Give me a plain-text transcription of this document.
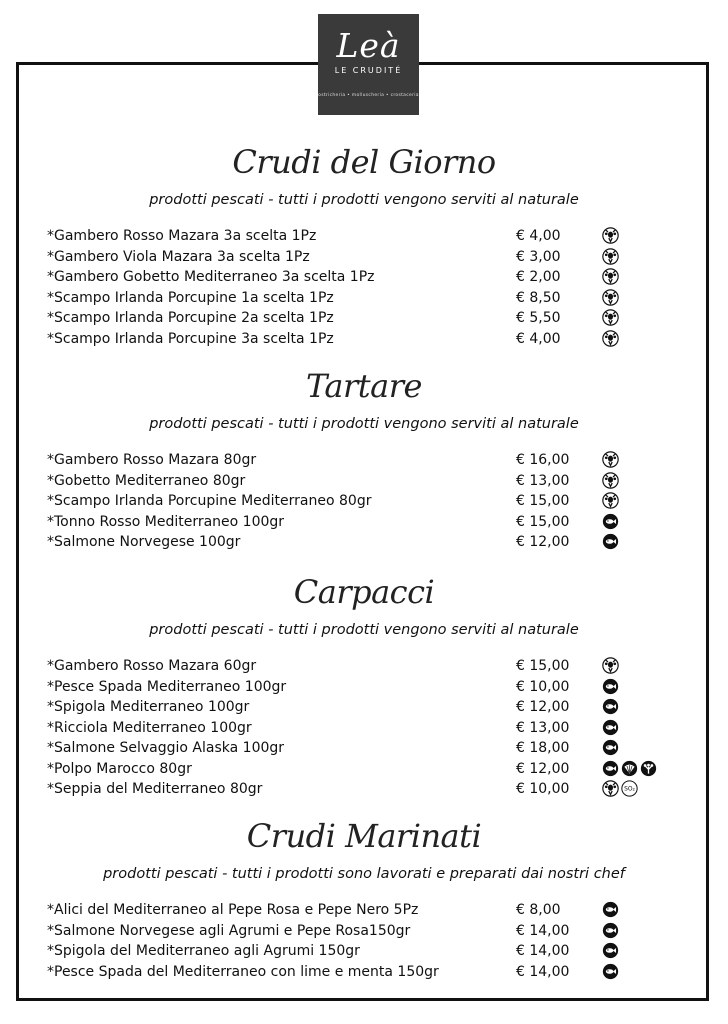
Leà
LE CRUDITÉ
ostricheria • molluscheria • crostaceria
Crudi del Giorno
prodotti pescati - tutti i prodotti vengono serviti al naturale
*Gambero Rosso Mazara 3a scelta 1Pz	€ 4,00
*Gambero Viola Mazara 3a scelta 1Pz	€ 3,00
*Gambero Gobetto Mediterraneo 3a scelta 1Pz	€ 2,00
*Scampo Irlanda Porcupine 1a scelta 1Pz	€ 8,50
*Scampo Irlanda Porcupine 2a scelta 1Pz	€ 5,50
*Scampo Irlanda Porcupine 3a scelta 1Pz	€ 4,00
Tartare
prodotti pescati - tutti i prodotti vengono serviti al naturale
*Gambero Rosso Mazara 80gr	€ 16,00
*Gobetto Mediterraneo 80gr	€ 13,00
*Scampo Irlanda Porcupine Mediterraneo 80gr	€ 15,00
*Tonno Rosso Mediterraneo 100gr	€ 15,00
*Salmone Norvegese 100gr	€ 12,00
Carpacci
prodotti pescati - tutti i prodotti vengono serviti al naturale
*Gambero Rosso Mazara 60gr	€ 15,00
*Pesce Spada Mediterraneo 100gr	€ 10,00
*Spigola Mediterraneo 100gr	€ 12,00
*Ricciola Mediterraneo 100gr	€ 13,00
*Salmone Selvaggio Alaska 100gr	€ 18,00
*Polpo Marocco 80gr	€ 12,00
*Seppia del Mediterraneo 80gr	€ 10,00	SO₂
Crudi Marinati
prodotti pescati - tutti i prodotti sono lavorati e preparati dai nostri chef
*Alici del Mediterraneo al Pepe Rosa e Pepe Nero 5Pz	€ 8,00
*Salmone Norvegese agli Agrumi e Pepe Rosa150gr	€ 14,00
*Spigola del Mediterraneo agli Agrumi 150gr	€ 14,00
*Pesce Spada del Mediterraneo con lime e menta 150gr	€ 14,00
